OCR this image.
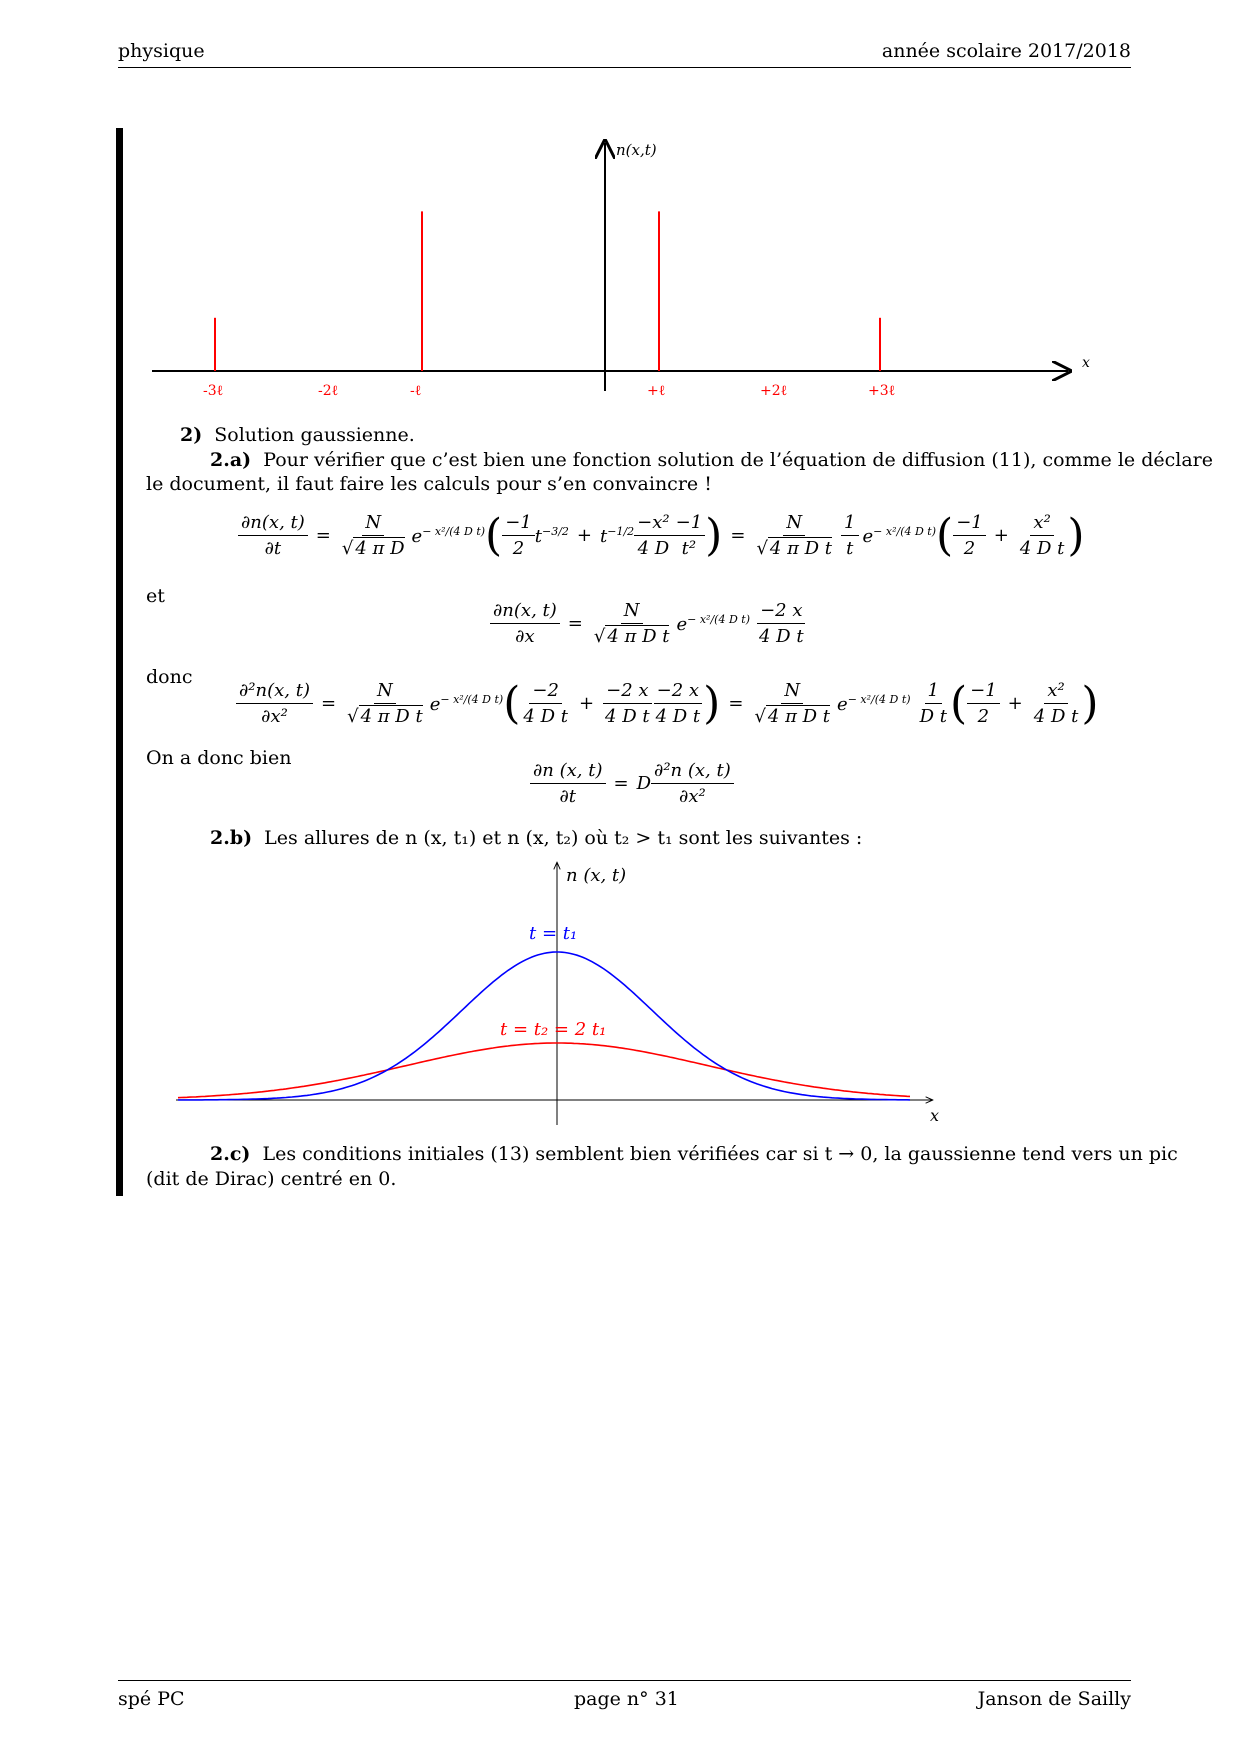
physique	année scolaire 2017/2018
n(x,t)
x
-3ℓ	-2ℓ	-ℓ	+ℓ	+2ℓ	+3ℓ
2) Solution gaussienne.
2.a) Pour vérifier que c’est bien une fonction solution de l’équation de diffusion (11), comme le déclare
le document, il faut faire les calculs pour s’en convaincre !
$\frac{\partial n(x, t)}{\partial t} = \frac{N}{\text{√ 4 π D}} e^{- x^2/(4 D t)}$ ( $\frac{-1}{2} t^{-3/2} + t^{-1/2} \frac{\text{−x²}}{4 D} \frac{-1}{\text{t²}}$ ) = $\frac{N}{\text{√ 4 π D t}} \frac{1}{t} e^{- x^2/(4 D t)}$ ( $\frac{-1}{2} + \frac{\text{x²}}{\text{4 D t}}$ )
et
$\frac{\partial n(x, t)}{\partial x} = \frac{N}{\text{√ 4 π D t}} e^{- x^2/(4 D t)} \frac{-2 x}{\text{4 D t}}$
donc
$\frac{\text{∂²n(x, t)}}{\text{∂x²}} = \frac{N}{\text{√ 4 π D t}} e^{- x^2/(4 D t)}$ ( $\frac{-2}{\text{4 D t}} + \frac{-2 x}{\text{4 D t}} \frac{-2 x}{\text{4 D t}}$ ) = $\frac{N}{\text{√ 4 π D t}} e^{- x^2/(4 D t)} \frac{1}{\text{D t}}$ ( $\frac{-1}{2} + \frac{\text{x²}}{\text{4 D t}}$ )
On a donc bien
$\frac{\partial n (x, t)}{\partial t} = D \frac{\text{∂²n (x, t)}}{\text{∂x²}}$
2.b) Les allures de n (x, t₁) et n (x, t₂) où t₂ > t₁ sont les suivantes :
n (x, t)
x
t = t₁
t = t₂ = 2 t₁
2.c) Les conditions initiales (13) semblent bien vérifiées car si t → 0, la gaussienne tend vers un pic
(dit de Dirac) centré en 0.
spé PC	page n° 31	Janson de Sailly
